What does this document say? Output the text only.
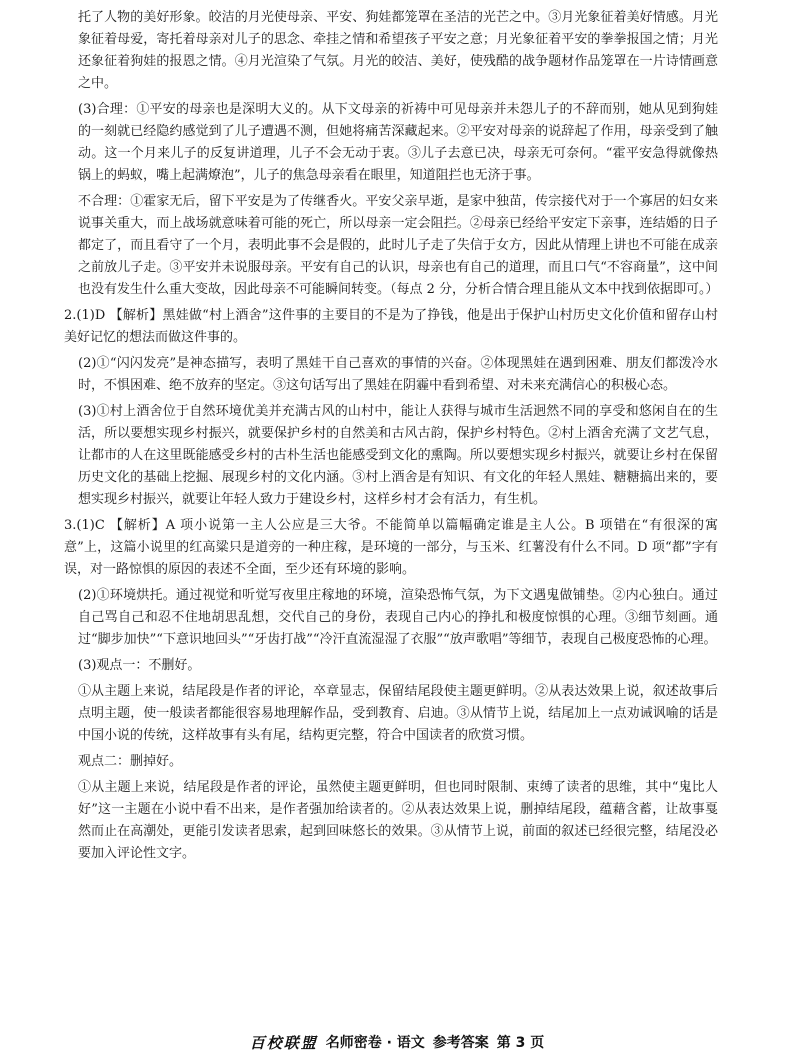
托了人物的美好形象。皎洁的月光使母亲、平安、狗娃都笼罩在圣洁的光芒之中。③月光象征着美好情感。月光象征着母爱，寄托着母亲对儿子的思念、牵挂之情和希望孩子平安之意；月光象征着平安的拳拳报国之情；月光还象征着狗娃的报恩之情。④月光渲染了气氛。月光的皎洁、美好，使残酷的战争题材作品笼罩在一片诗情画意之中。

(3)合理：①平安的母亲也是深明大义的。从下文母亲的祈祷中可见母亲并未怨儿子的不辞而别，她从见到狗娃的一刻就已经隐约感觉到了儿子遭遇不测，但她将痛苦深藏起来。②平安对母亲的说辞起了作用，母亲受到了触动。这一个月来儿子的反复讲道理，儿子不会无动于衷。③儿子去意已决，母亲无可奈何。“霍平安急得就像热锅上的蚂蚁，嘴上起满燎泡”，儿子的焦急母亲看在眼里，知道阻拦也无济于事。

不合理：①霍家无后，留下平安是为了传继香火。平安父亲早逝，是家中独苗，传宗接代对于一个寡居的妇女来说事关重大，而上战场就意味着可能的死亡，所以母亲一定会阻拦。②母亲已经给平安定下亲事，连结婚的日子都定了，而且看守了一个月，表明此事不会是假的，此时儿子走了失信于女方，因此从情理上讲也不可能在成亲之前放儿子走。③平安并未说服母亲。平安有自己的认识，母亲也有自己的道理，而且口气“不容商量”，这中间也没有发生什么重大变故，因此母亲不可能瞬间转变。（每点 2 分，分析合情合理且能从文本中找到依据即可。）

2.(1)D 【解析】黑娃做“村上酒舍”这件事的主要目的不是为了挣钱，他是出于保护山村历史文化价值和留存山村美好记忆的想法而做这件事的。

(2)①“闪闪发亮”是神态描写，表明了黑娃干自己喜欢的事情的兴奋。②体现黑娃在遇到困难、朋友们都泼冷水时，不惧困难、绝不放弃的坚定。③这句话写出了黑娃在阴霾中看到希望、对未来充满信心的积极心态。

(3)①村上酒舍位于自然环境优美并充满古风的山村中，能让人获得与城市生活迥然不同的享受和悠闲自在的生活，所以要想实现乡村振兴，就要保护乡村的自然美和古风古韵，保护乡村特色。②村上酒舍充满了文艺气息，让都市的人在这里既能感受乡村的古朴生活也能感受到文化的熏陶。所以要想实现乡村振兴，就要让乡村在保留历史文化的基础上挖掘、展现乡村的文化内涵。③村上酒舍是有知识、有文化的年轻人黑娃、糖糖搞出来的，要想实现乡村振兴，就要让年轻人致力于建设乡村，这样乡村才会有活力，有生机。

3.(1)C 【解析】A 项小说第一主人公应是三大爷。不能简单以篇幅确定谁是主人公。B 项错在“有很深的寓意”上，这篇小说里的红高粱只是道旁的一种庄稼，是环境的一部分，与玉米、红薯没有什么不同。D 项“都”字有误，对一路惊惧的原因的表述不全面，至少还有环境的影响。

(2)①环境烘托。通过视觉和听觉写夜里庄稼地的环境，渲染恐怖气氛，为下文遇鬼做铺垫。②内心独白。通过自己骂自己和忍不住地胡思乱想，交代自己的身份，表现自己内心的挣扎和极度惊惧的心理。③细节刻画。通过“脚步加快”“下意识地回头”“牙齿打战”“冷汗直流湿湿了衣服”“放声歌唱”等细节，表现自己极度恐怖的心理。

(3)观点一：不删好。

①从主题上来说，结尾段是作者的评论，卒章显志，保留结尾段使主题更鲜明。②从表达效果上说，叙述故事后点明主题，使一般读者都能很容易地理解作品，受到教育、启迪。③从情节上说，结尾加上一点劝诫讽喻的话是中国小说的传统，这样故事有头有尾，结构更完整，符合中国读者的欣赏习惯。

观点二：删掉好。

①从主题上来说，结尾段是作者的评论，虽然使主题更鲜明，但也同时限制、束缚了读者的思维，其中“鬼比人好”这一主题在小说中看不出来，是作者强加给读者的。②从表达效果上说，删掉结尾段，蕴藉含蓄，让故事戛然而止在高潮处，更能引发读者思索，起到回味悠长的效果。③从情节上说，前面的叙述已经很完整，结尾没必要加入评论性文字。

百校联盟 名师密卷 · 语文 参考答案 第 3 页
